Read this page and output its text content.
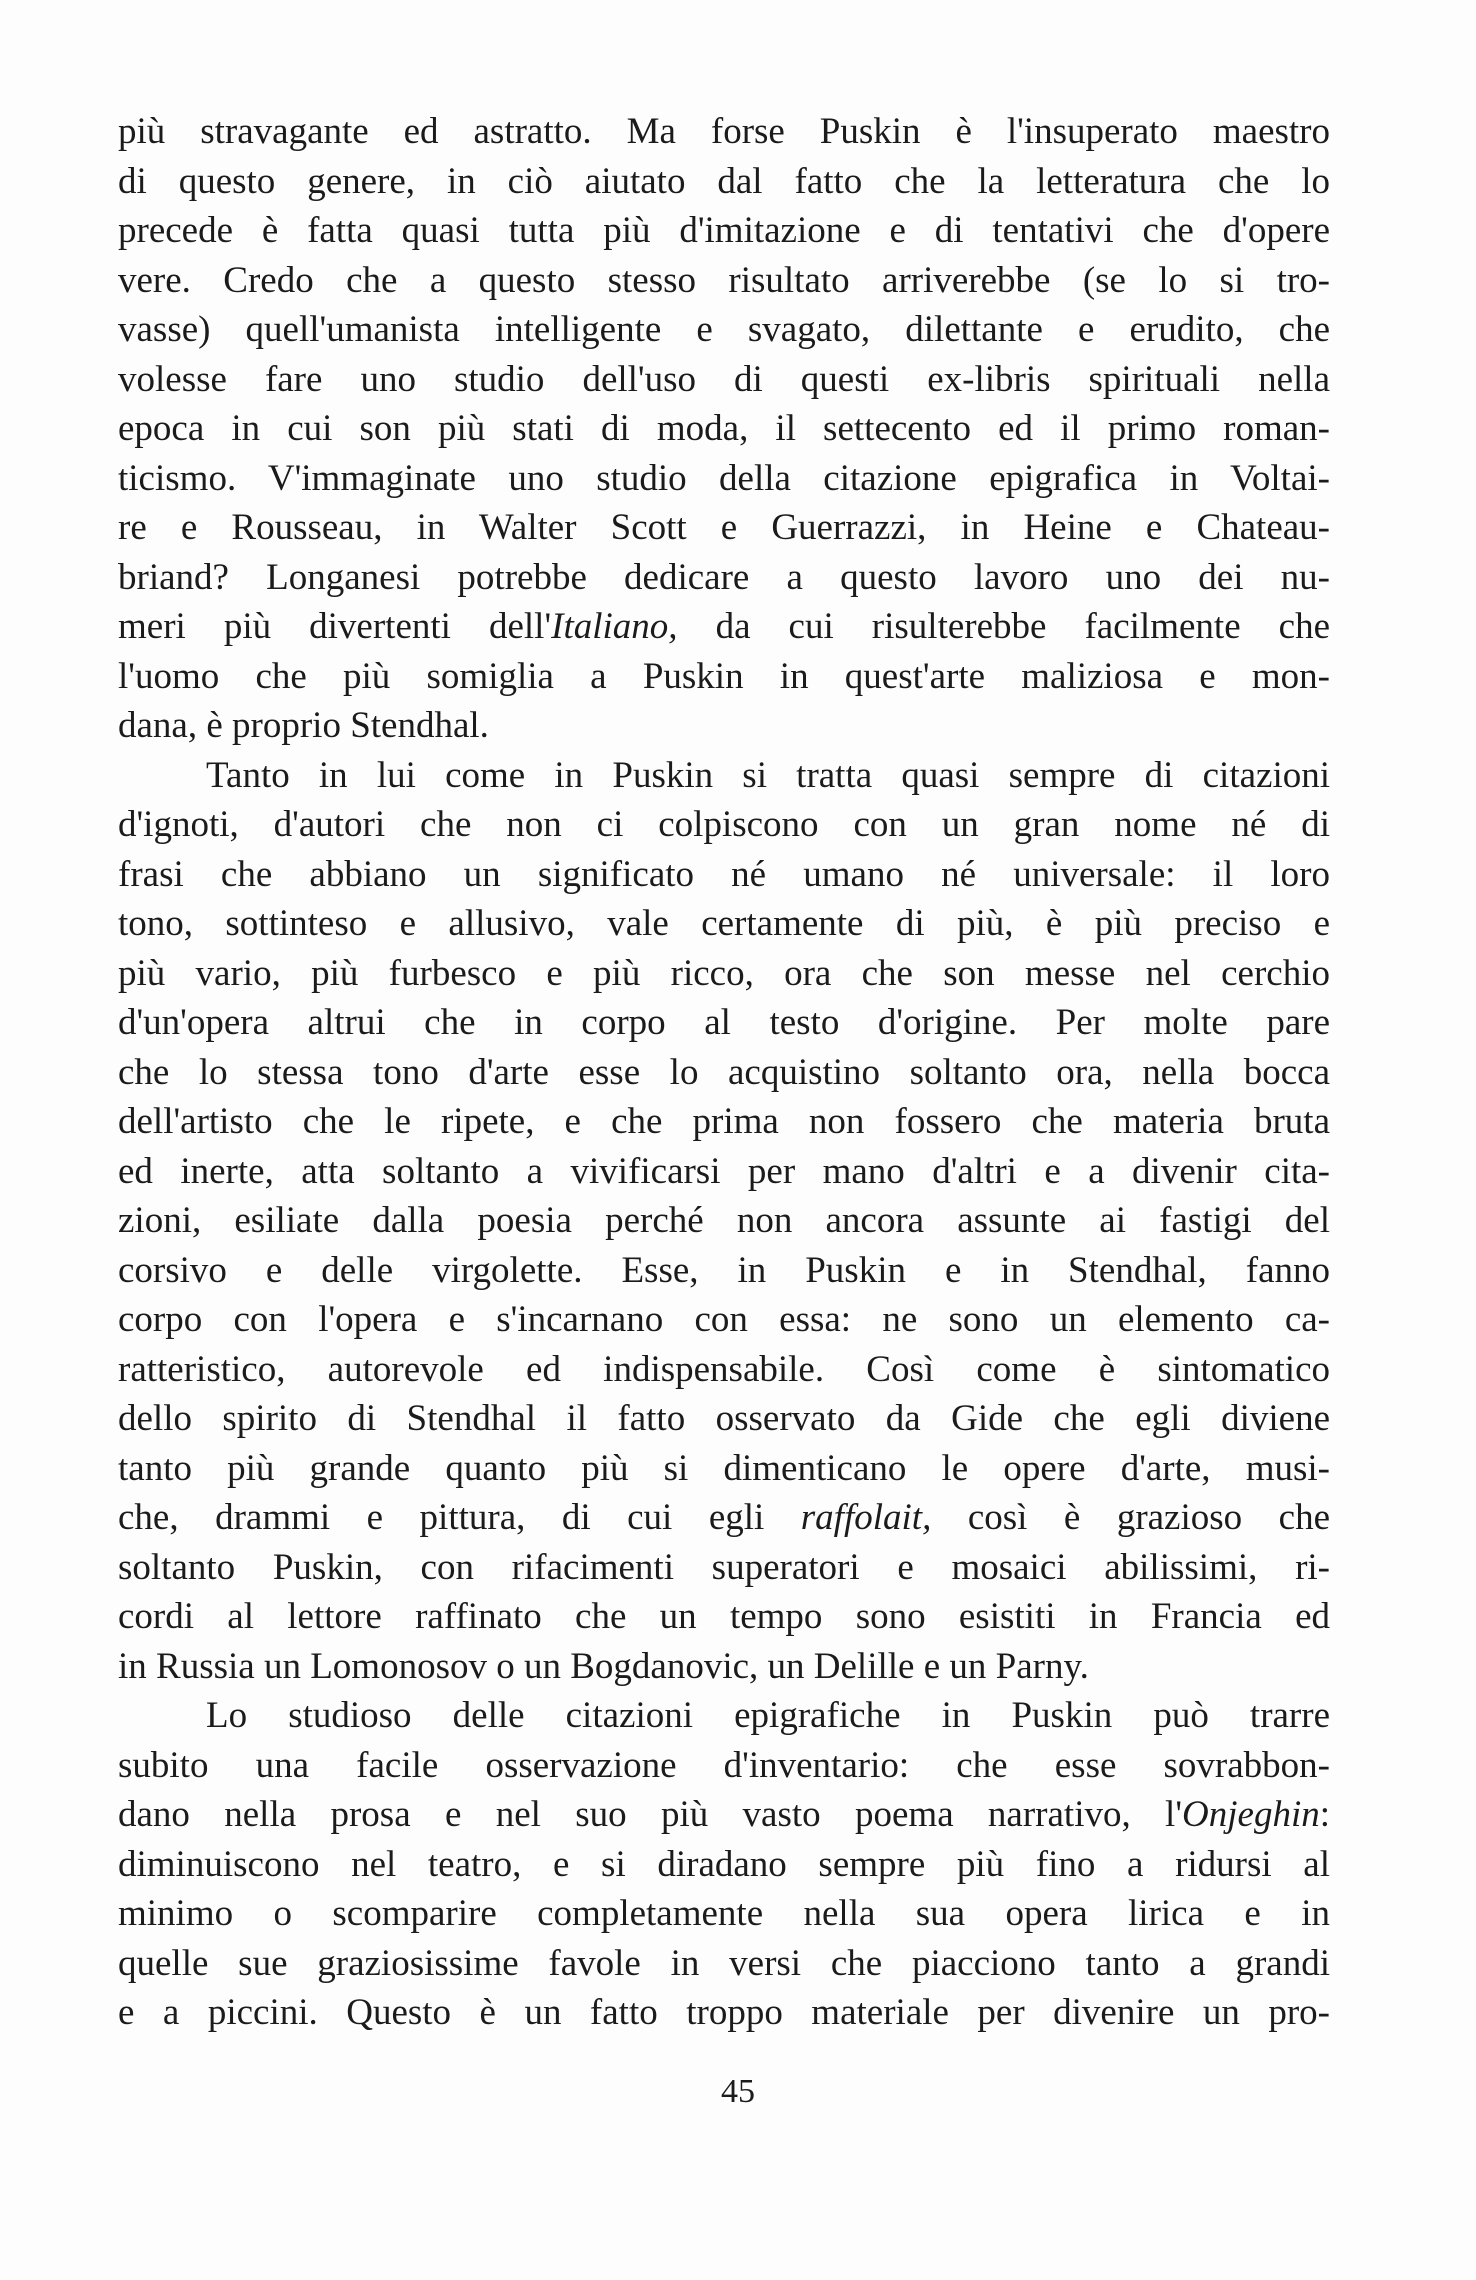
più stravagante ed astratto. Ma forse Puskin è l'insuperato maestro
di questo genere, in ciò aiutato dal fatto che la letteratura che lo
precede è fatta quasi tutta più d'imitazione e di tentativi che d'opere
vere. Credo che a questo stesso risultato arriverebbe (se lo si tro-
vasse) quell'umanista intelligente e svagato, dilettante e erudito, che
volesse fare uno studio dell'uso di questi ex-libris spirituali nella
epoca in cui son più stati di moda, il settecento ed il primo roman-
ticismo. V'immaginate uno studio della citazione epigrafica in Voltai-
re e Rousseau, in Walter Scott e Guerrazzi, in Heine e Chateau-
briand? Longanesi potrebbe dedicare a questo lavoro uno dei nu-
meri più divertenti dell'Italiano, da cui risulterebbe facilmente che
l'uomo che più somiglia a Puskin in quest'arte maliziosa e mon-
dana, è proprio Stendhal.

Tanto in lui come in Puskin si tratta quasi sempre di citazioni
d'ignoti, d'autori che non ci colpiscono con un gran nome né di
frasi che abbiano un significato né umano né universale: il loro
tono, sottinteso e allusivo, vale certamente di più, è più preciso e
più vario, più furbesco e più ricco, ora che son messe nel cerchio
d'un'opera altrui che in corpo al testo d'origine. Per molte pare
che lo stessa tono d'arte esse lo acquistino soltanto ora, nella bocca
dell'artisto che le ripete, e che prima non fossero che materia bruta
ed inerte, atta soltanto a vivificarsi per mano d'altri e a divenir cita-
zioni, esiliate dalla poesia perché non ancora assunte ai fastigi del
corsivo e delle virgolette. Esse, in Puskin e in Stendhal, fanno
corpo con l'opera e s'incarnano con essa: ne sono un elemento ca-
ratteristico, autorevole ed indispensabile. Così come è sintomatico
dello spirito di Stendhal il fatto osservato da Gide che egli diviene
tanto più grande quanto più si dimenticano le opere d'arte, musi-
che, drammi e pittura, di cui egli raffolait, così è grazioso che
soltanto Puskin, con rifacimenti superatori e mosaici abilissimi, ri-
cordi al lettore raffinato che un tempo sono esistiti in Francia ed
in Russia un Lomonosov o un Bogdanovic, un Delille e un Parny.

Lo studioso delle citazioni epigrafiche in Puskin può trarre
subito una facile osservazione d'inventario: che esse sovrabbon-
dano nella prosa e nel suo più vasto poema narrativo, l'Onjeghin:
diminuiscono nel teatro, e si diradano sempre più fino a ridursi al
minimo o scomparire completamente nella sua opera lirica e in
quelle sue graziosissime favole in versi che piacciono tanto a grandi
e a piccini. Questo è un fatto troppo materiale per divenire un pro-

45
